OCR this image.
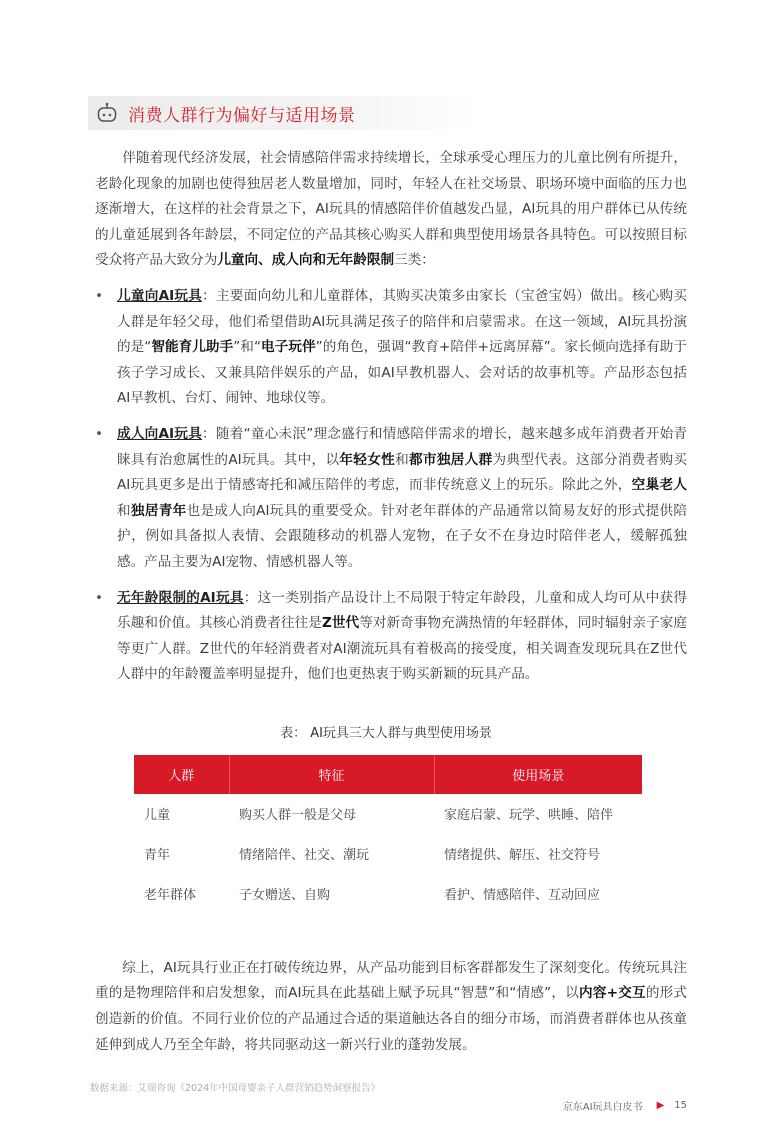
消费人群行为偏好与适用场景

伴随着现代经济发展，社会情感陪伴需求持续增长，全球承受心理压力的儿童比例有所提升，老龄化现象的加剧也使得独居老人数量增加，同时，年轻人在社交场景、职场环境中面临的压力也逐渐增大，在这样的社会背景之下，AI玩具的情感陪伴价值越发凸显，AI玩具的用户群体已从传统的儿童延展到各年龄层，不同定位的产品其核心购买人群和典型使用场景各具特色。可以按照目标受众将产品大致分为儿童向、成人向和无年龄限制三类：

• 儿童向AI玩具：主要面向幼儿和儿童群体，其购买决策多由家长（宝爸宝妈）做出。核心购买人群是年轻父母，他们希望借助AI玩具满足孩子的陪伴和启蒙需求。在这一领域，AI玩具扮演的是“智能育儿助手”和“电子玩伴”的角色，强调“教育+陪伴+远离屏幕”。家长倾向选择有助于孩子学习成长、又兼具陪伴娱乐的产品，如AI早教机器人、会对话的故事机等。产品形态包括AI早教机、台灯、闹钟、地球仪等。
• 成人向AI玩具：随着“童心未泯”理念盛行和情感陪伴需求的增长，越来越多成年消费者开始青睐具有治愈属性的AI玩具。其中，以年轻女性和都市独居人群为典型代表。这部分消费者购买AI玩具更多是出于情感寄托和减压陪伴的考虑，而非传统意义上的玩乐。除此之外，空巢老人和独居青年也是成人向AI玩具的重要受众。针对老年群体的产品通常以简易友好的形式提供陪护，例如具备拟人表情、会跟随移动的机器人宠物，在子女不在身边时陪伴老人，缓解孤独感。产品主要为AI宠物、情感机器人等。
• 无年龄限制的AI玩具：这一类别指产品设计上不局限于特定年龄段，儿童和成人均可从中获得乐趣和价值。其核心消费者往往是Z世代等对新奇事物充满热情的年轻群体，同时辐射亲子家庭等更广人群。Z世代的年轻消费者对AI潮流玩具有着极高的接受度，相关调查发现玩具在Z世代人群中的年龄覆盖率明显提升，他们也更热衷于购买新颖的玩具产品。
表： AI玩具三大人群与典型使用场景
人群	特征	使用场景
儿童	购买人群一般是父母	家庭启蒙、玩学、哄睡、陪伴
青年	情绪陪伴、社交、潮玩	情绪提供、解压、社交符号
老年群体	子女赠送、自购	看护、情感陪伴、互动回应

综上，AI玩具行业正在打破传统边界，从产品功能到目标客群都发生了深刻变化。传统玩具注重的是物理陪伴和启发想象，而AI玩具在此基础上赋予玩具“智慧”和“情感”，以内容+交互的形式创造新的价值。不同行业价位的产品通过合适的渠道触达各自的细分市场，而消费者群体也从孩童延伸到成人乃至全年龄，将共同驱动这一新兴行业的蓬勃发展。

数据来源：艾瑞咨询《2024年中国母婴亲子人群营销趋势洞察报告》
京东AI玩具白皮书 ▶ 15
